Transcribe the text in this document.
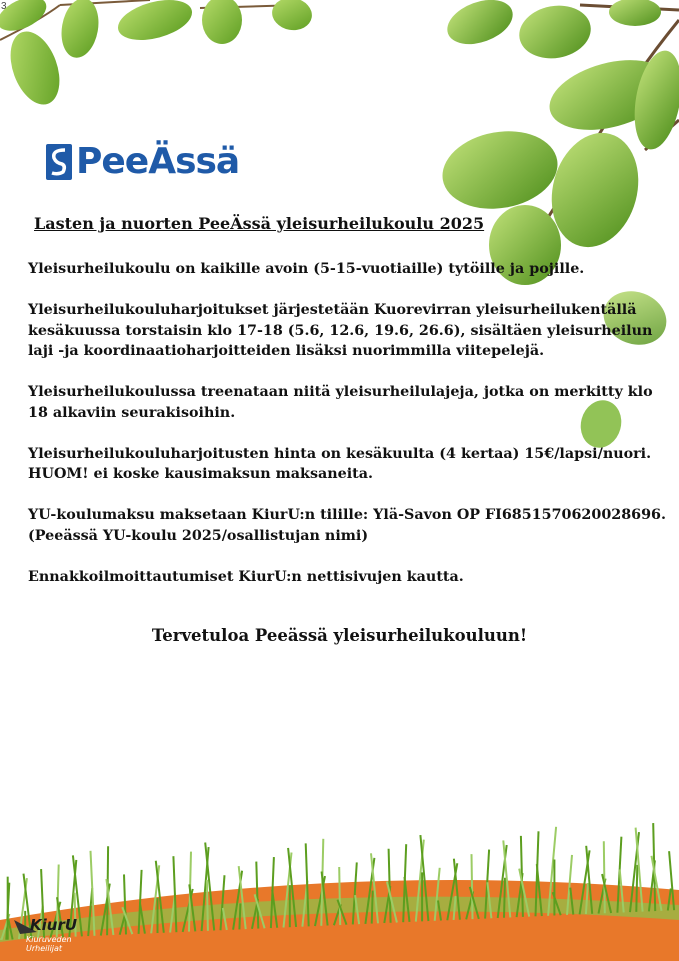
3
PeeÄssä
Lasten ja nuorten PeeÄssä yleisurheilukoulu 2025

Yleisurheilukoulu on kaikille avoin (5-15-vuotiaille) tytöille ja pojille.

Yleisurheilukouluharjoitukset järjestetään Kuorevirran yleisurheilukentällä
kesäkuussa torstaisin klo 17-18 (5.6, 12.6, 19.6, 26.6), sisältäen yleisurheilun
laji -ja koordinaatioharjoitteiden lisäksi nuorimmilla viitepelejä.

Yleisurheilukoulussa treenataan niitä yleisurheilulajeja, jotka on merkitty klo
18 alkaviin seurakisoihin.

Yleisurheilukouluharjoitusten hinta on kesäkuulta (4 kertaa) 15€/lapsi/nuori.
HUOM! ei koske kausimaksun maksaneita.

YU-koulumaksu maksetaan KiurU:n tilille: Ylä-Savon OP FI6851570620028696.
(Peeässä YU-koulu 2025/osallistujan nimi)

Ennakkoilmoittautumiset KiurU:n nettisivujen kautta.

Tervetuloa Peeässä yleisurheilukouluun!
KiurU
Kiuruveden
Urheilijat
